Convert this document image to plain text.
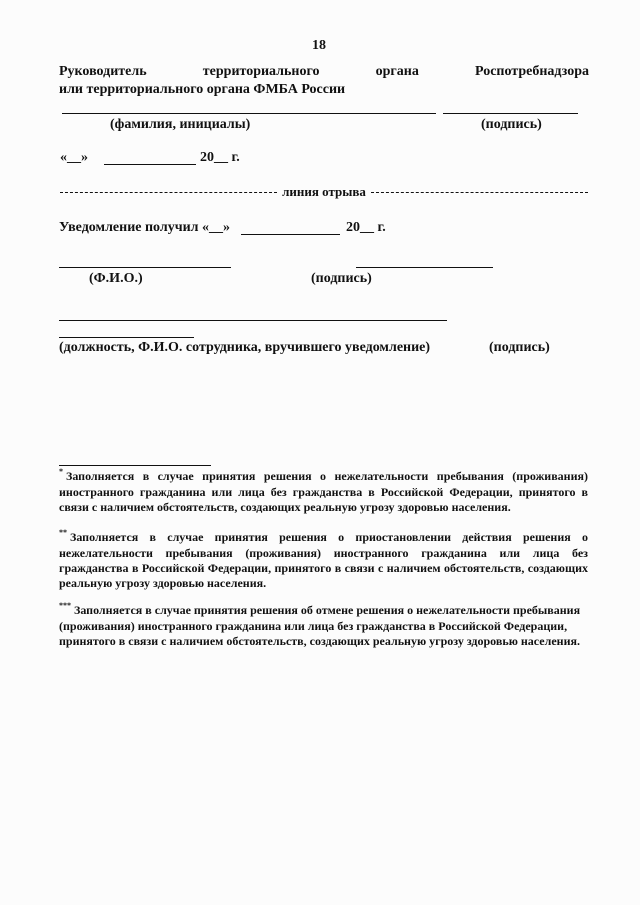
18
Руководитель	территориального	органа	Роспотребнадзора
или территориального органа ФМБА России
(фамилия, инициалы)	(подпись)
«__»	20__ г.
линия отрыва
Уведомление получил «__»	20__ г.
(Ф.И.О.)	(подпись)
(должность, Ф.И.О. сотрудника, вручившего уведомление)	(подпись)
* Заполняется в случае принятия решения о нежелательности пребывания (проживания)
иностранного гражданина или лица без гражданства в Российской Федерации, принятого в
связи с наличием обстоятельств, создающих реальную угрозу здоровью населения.
** Заполняется в случае принятия решения о приостановлении действия решения о
нежелательности пребывания (проживания) иностранного гражданина или лица без
гражданства в Российской Федерации, принятого в связи с наличием обстоятельств, создающих
реальную угрозу здоровью населения.
*** Заполняется в случае принятия решения об отмене решения о нежелательности пребывания
(проживания) иностранного гражданина или лица без гражданства в Российской Федерации,
принятого в связи с наличием обстоятельств, создающих реальную угрозу здоровью населения.
